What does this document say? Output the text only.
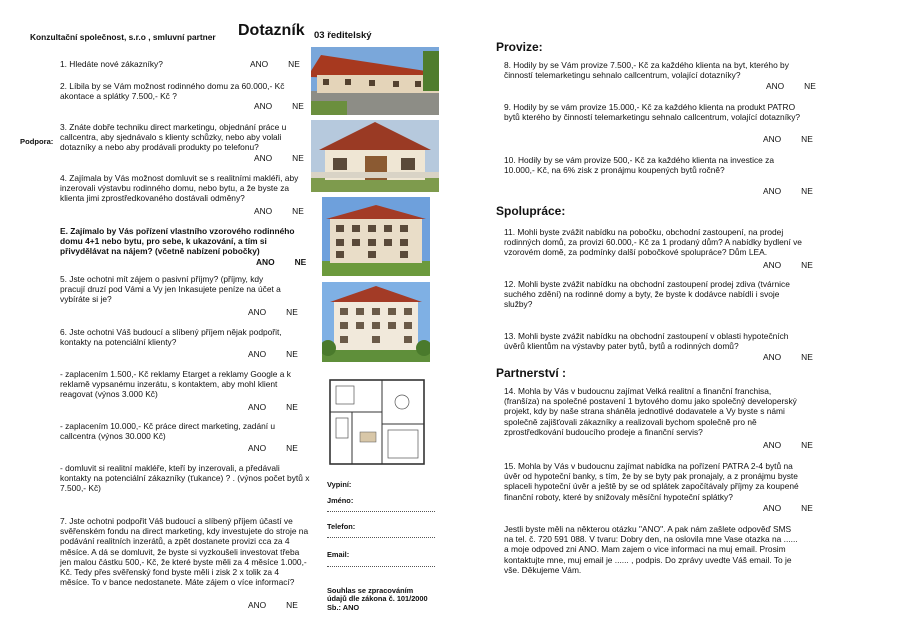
Konzultační společnost, s.r.o , smluvní partner Dotazník 03 ředitelský
Podpora:
1. Hledáte nové zákazníky?	ANO NE
2. Líbila by se Vám možnost rodinného domu za 60.000,- Kč akontace a splátky 7.500,- Kč ?
ANO NE
3. Znáte dobře techniku direct marketingu, objednání práce u callcentra, aby sjednávalo s klienty schůzky, nebo aby volali dotazníky a nebo aby prodávali produkty po telefonu?
ANO NE
4. Zajímala by Vás možnost domluvit se s realitními makléři, aby inzerovali výstavbu rodinného domu, nebo bytu, a že byste za klienta jimi zprostředkovaného dostávali odměny?
ANO NE
E. Zajímalo by Vás pořízení vlastního vzorového rodinného domu 4+1 nebo bytu, pro sebe, k ukazování, a tím si přivydělávat na nájem? (včetně nabízení pobočky)
ANO NE
5. Jste ochotni mít zájem o pasivní příjmy? (příjmy, kdy pracují druzí pod Vámi a Vy jen Inkasujete peníze na účet a vybíráte si je?
ANO NE
6. Jste ochotni Váš budoucí a slíbený příjem nějak podpořit, kontakty na potenciální klienty?
ANO NE
- zaplacením 1.500,- Kč reklamy Etarget a reklamy Google a k reklamě vypsanému inzerátu, s kontaktem, aby mohl klient reagovat (výnos 3.000 Kč)
ANO NE
- zaplacením 10.000,- Kč práce direct marketing, zadání u callcentra (výnos 30.000 Kč)
ANO NE
- domluvit si realitní makléře, kteří by inzerovali, a předávali kontakty na potenciální zákazníky (ťukance) ? . (výnos počet bytů x 7.500,- Kč)
7. Jste ochotni podpořit Váš budoucí a slíbený příjem účastí ve svěřenském fondu na direct marketing, kdy investujete do stroje na podávání realitních inzerátů, a zpět dostanete provizi cca za 4 měsíce. A dá se domluvit, že byste si vyzkoušeli investovat třeba jen malou částku 500,- Kč, že které byste měli za 4 měsíce 1.000,- Kč. Tedy přes svěřenský fond byste měli i zisk 2 x tolik za 4 měsíce. To v bance nedostanete. Máte zájem o více informací?
ANO NE
Vypiní:
Jméno:
Telefon:
Email:
Souhlas se zpracováním
údajů dle zákona č. 101/2000
Sb.: ANO
Provize:
8. Hodily by se Vám provize 7.500,- Kč za každého klienta na byt, kterého by činností telemarketingu sehnalo callcentrum, volající dotazníky?
ANO NE
9. Hodily by se vám provize 15.000,- Kč za každého klienta na produkt PATRO bytů kterého by činností telemarketingu sehnalo callcentrum, volající dotazníky?
ANO NE
10. Hodily by se vám provize 500,- Kč za každého klienta na investice za 10.000,- Kč, na 6% zisk z pronájmu koupených bytů ročně?
ANO NE
Spolupráce:
11. Mohli byste zvážit nabídku na pobočku, obchodní zastoupení, na prodej rodinných domů, za provizi 60.000,- Kč za 1 prodaný dům? A nabídky bydlení ve vzorovém domě, za podmínky další pobočkové spolupráce? Dům LEA.
ANO NE
12. Mohli byste zvážit nabídku na obchodní zastoupení prodej zdiva (tvárnice suchého zdění) na rodinné domy a byty, že byste k dodávce nabídli i svoje služby?
13. Mohli byste zvážit nabídku na obchodní zastoupení v oblasti hypotečních úvěrů klientům na výstavby pater bytů, bytů a rodinných domů?
ANO NE
Partnerství :
14. Mohla by Vás v budoucnu zajímat Velká realitní a finanční franchisa, (franšíza) na společné postavení 1 bytového domu jako společný developerský projekt, kdy by naše strana sháněla jednotlivé dodavatele a Vy byste s námi společně zajišťovali zákazníky a realizovali bychom společně pro ně zprostředkování budoucího prodeje a finanční servis?
ANO NE
15. Mohla by Vás v budoucnu zajímat nabídka na pořízení PATRA 2-4 bytů na úvěr od hypoteční banky, s tím, že by se byty pak pronajaly, a z pronájmu byste splaceli hypoteční úvěr a ještě by se od splátek započítávaly příjmy za koupené finanční roboty, které by snižovaly měsíční hypoteční splátky?
ANO NE
Jestli byste měli na některou otázku "ANO". A pak nám zašlete odpověď SMS na tel. č. 720 591 088. V tvaru: Dobry den, na oslovila mne Vase otazka na ...... a moje odpoved zni ANO. Mam zajem o vice informaci na muj email. Prosim kontaktujte mne, muj email je ...... , podpis. Do zprávy uvedte Váš email. To je vše. Děkujeme Vám.
